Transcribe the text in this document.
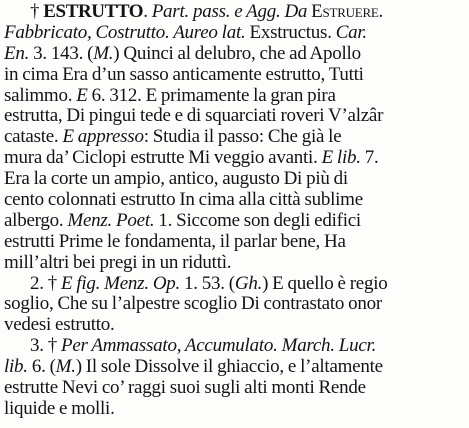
† ESTRUTTO. Part. pass. e Agg. Da Estruere.
Fabbricato, Costrutto. Aureo lat. Exstructus. Car.
En. 3. 143. (M.) Quinci al delubro, che ad Apollo
in cima Era d’un sasso anticamente estrutto, Tutti
salimmo. E 6. 312. E primamente la gran pira
estrutta, Di pingui tede e di squarciati roveri V’alzâr
cataste. E appresso: Studia il passo: Che già le
mura da’ Ciclopi estrutte Mi veggio avanti. E lib. 7.
Era la corte un ampio, antico, augusto Di più di
cento colonnati estrutto In cima alla città sublime
albergo. Menz. Poet. 1. Siccome son degli edifici
estrutti Prime le fondamenta, il parlar bene, Ha
mill’altri bei pregi in un riduttì.
2. † E fig. Menz. Op. 1. 53. (Gh.) E quello è regio
soglio, Che su l’alpestre scoglio Di contrastato onor
vedesi estrutto.
3. † Per Ammassato, Accumulato. March. Lucr.
lib. 6. (M.) Il sole Dissolve il ghiaccio, e l’altamente
estrutte Nevi co’ raggi suoi sugli alti monti Rende
liquide e molli.
